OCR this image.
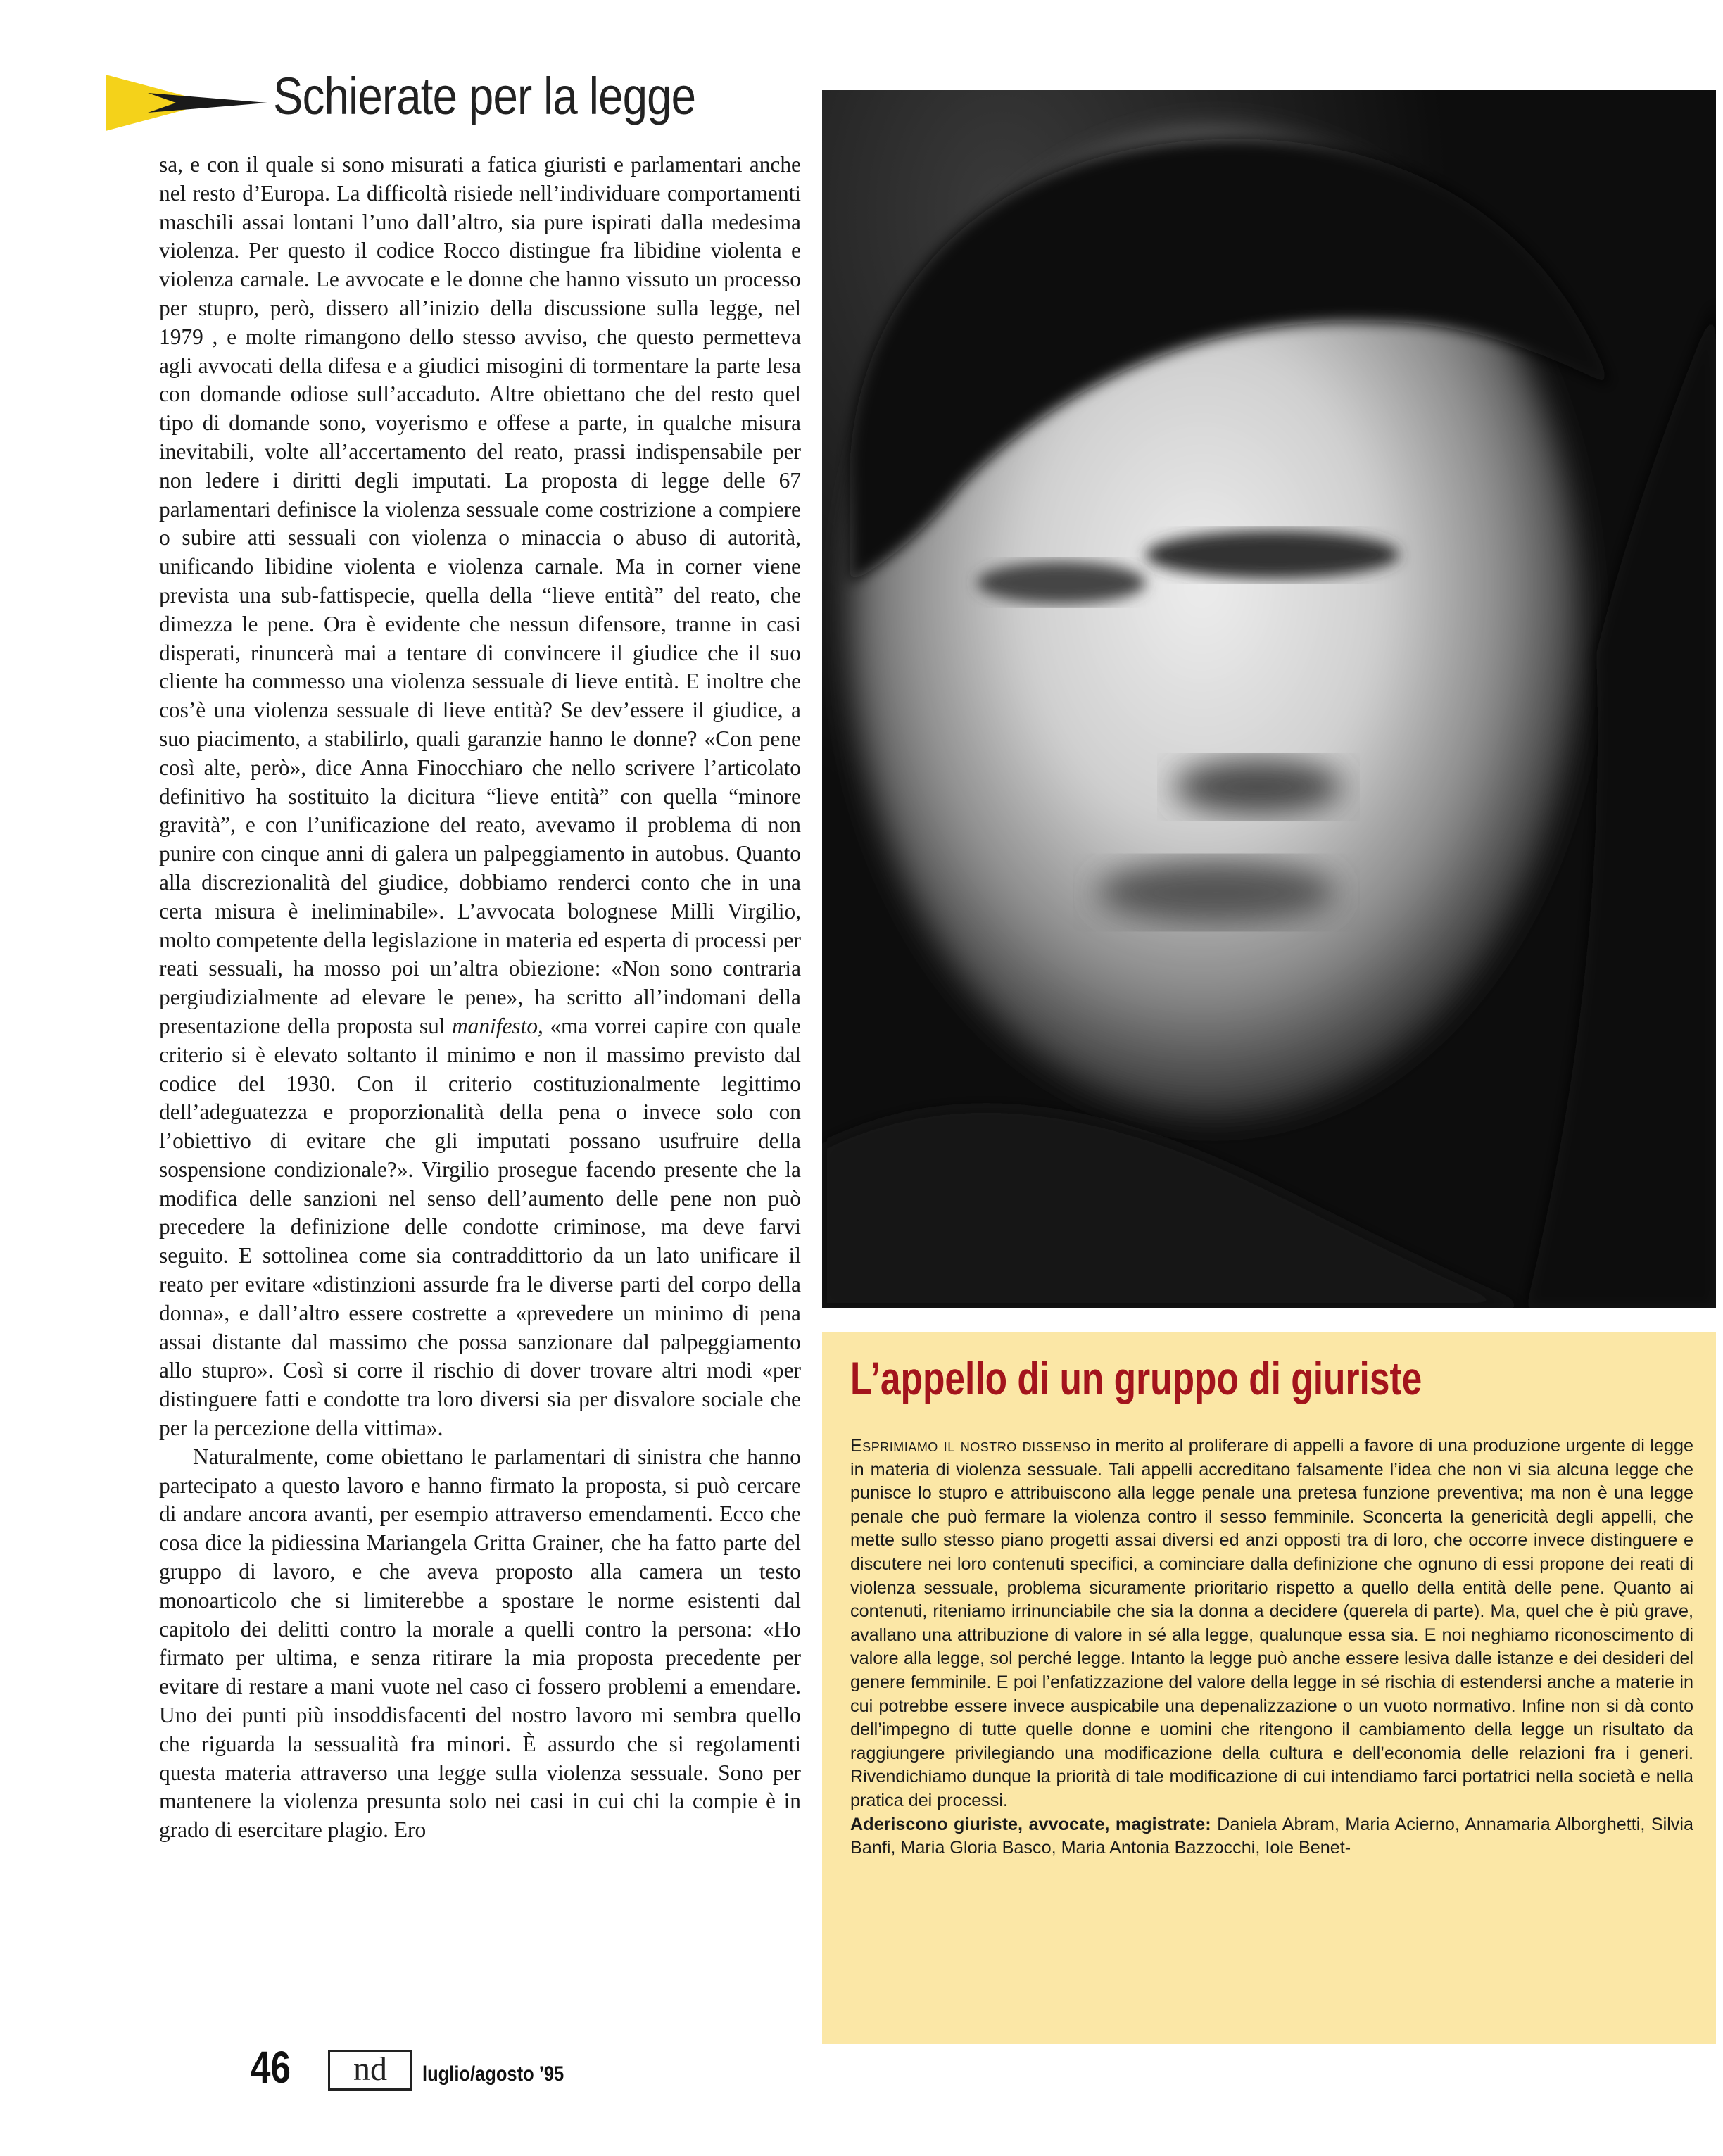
Schierate per la legge

sa, e con il quale si sono misurati a fatica giuristi e parlamentari anche nel resto d’Europa. La difficoltà risiede nell’individuare comportamenti maschili assai lontani l’uno dall’altro, sia pure ispirati dalla medesima violenza. Per questo il codice Rocco distingue fra libidine violenta e violenza carnale. Le avvocate e le donne che hanno vissuto un processo per stupro, però, dissero all’inizio della discussione sulla legge, nel 1979 , e molte rimangono dello stesso avviso, che questo permetteva agli avvocati della difesa e a giudici misogini di tormentare la parte lesa con domande odiose sull’accaduto. Altre obiettano che del resto quel tipo di domande sono, voyerismo e offese a parte, in qualche misura inevitabili, volte all’accertamento del reato, prassi indispensabile per non ledere i diritti degli imputati. La proposta di legge delle 67 parlamentari definisce la violenza sessuale come costrizione a compiere o subire atti sessuali con violenza o minaccia o abuso di autorità, unificando libidine violenta e violenza carnale. Ma in corner viene prevista una sub-fattispecie, quella della “lieve entità” del reato, che dimezza le pene. Ora è evidente che nessun difensore, tranne in casi disperati, rinuncerà mai a tentare di convincere il giudice che il suo cliente ha commesso una violenza sessuale di lieve entità. E inoltre che cos’è una violenza sessuale di lieve entità? Se dev’essere il giudice, a suo piacimento, a stabilirlo, quali garanzie hanno le donne? «Con pene così alte, però», dice Anna Finocchiaro che nello scrivere l’articolato definitivo ha sostituito la dicitura “lieve entità” con quella “minore gravità”, e con l’unificazione del reato, avevamo il problema di non punire con cinque anni di galera un palpeggiamento in autobus. Quanto alla discrezionalità del giudice, dobbiamo renderci conto che in una certa misura è ineliminabile». L’avvocata bolognese Milli Virgilio, molto competente della legislazione in materia ed esperta di processi per reati sessuali, ha mosso poi un’altra obiezione: «Non sono contraria pergiudizialmente ad elevare le pene», ha scritto all’indomani della presentazione della proposta sul manifesto, «ma vorrei capire con quale criterio si è elevato soltanto il minimo e non il massimo previsto dal codice del 1930. Con il criterio costituzionalmente legittimo dell’adeguatezza e proporzionalità della pena o invece solo con l’obiettivo di evitare che gli imputati possano usufruire della sospensione condizionale?». Virgilio prosegue facendo presente che la modifica delle sanzioni nel senso dell’aumento delle pene non può precedere la definizione delle condotte criminose, ma deve farvi seguito. E sottolinea come sia contraddittorio da un lato unificare il reato per evitare «distinzioni assurde fra le diverse parti del corpo della donna», e dall’altro essere costrette a «prevedere un minimo di pena assai distante dal massimo che possa sanzionare dal palpeggiamento allo stupro». Così si corre il rischio di dover trovare altri modi «per distinguere fatti e condotte tra loro diversi sia per disvalore sociale che per la percezione della vittima».

Naturalmente, come obiettano le parlamentari di sinistra che hanno partecipato a questo lavoro e hanno firmato la proposta, si può cercare di andare ancora avanti, per esempio attraverso emendamenti. Ecco che cosa dice la pidiessina Mariangela Gritta Grainer, che ha fatto parte del gruppo di lavoro, e che aveva proposto alla camera un testo monoarticolo che si limiterebbe a spostare le norme esistenti dal capitolo dei delitti contro la morale a quelli contro la persona: «Ho firmato per ultima, e senza ritirare la mia proposta precedente per evitare di restare a mani vuote nel caso ci fossero problemi a emendare. Uno dei punti più insoddisfacenti del nostro lavoro mi sembra quello che riguarda la sessualità fra minori. È assurdo che si regolamenti questa materia attraverso una legge sulla violenza sessuale. Sono per mantenere la violenza presunta solo nei casi in cui chi la compie è in grado di esercitare plagio. Ero

L’appello di un gruppo di giuriste
Esprimiamo il nostro dissenso in merito al proliferare di appelli a favore di una produzione urgente di legge in materia di violenza sessuale. Tali appelli accreditano falsamente l’idea che non vi sia alcuna legge che punisce lo stupro e attribuiscono alla legge penale una pretesa funzione preventiva; ma non è una legge penale che può fermare la violenza contro il sesso femminile. Sconcerta la genericità degli appelli, che mette sullo stesso piano progetti assai diversi ed anzi opposti tra di loro, che occorre invece distinguere e discutere nei loro contenuti specifici, a cominciare dalla definizione che ognuno di essi propone dei reati di violenza sessuale, problema sicuramente prioritario rispetto a quello della entità delle pene. Quanto ai contenuti, riteniamo irrinunciabile che sia la donna a decidere (querela di parte). Ma, quel che è più grave, avallano una attribuzione di valore in sé alla legge, qualunque essa sia. E noi neghiamo riconoscimento di valore alla legge, sol perché legge. Intanto la legge può anche essere lesiva dalle istanze e dei desideri del genere femminile. E poi l’enfatizzazione del valore della legge in sé rischia di estendersi anche a materie in cui potrebbe essere invece auspicabile una depenalizzazione o un vuoto normativo. Infine non si dà conto dell’impegno di tutte quelle donne e uomini che ritengono il cambiamento della legge un risultato da raggiungere privilegiando una modificazione della cultura e dell’economia delle relazioni fra i generi. Rivendichiamo dunque la priorità di tale modificazione di cui intendiamo farci portatrici nella società e nella pratica dei processi.
Aderiscono giuriste, avvocate, magistrate: Daniela Abram, Maria Acierno, Annamaria Alborghetti, Silvia Banfi, Maria Gloria Basco, Maria Antonia Bazzocchi, Iole Benet-
46	nd	luglio/agosto ’95
